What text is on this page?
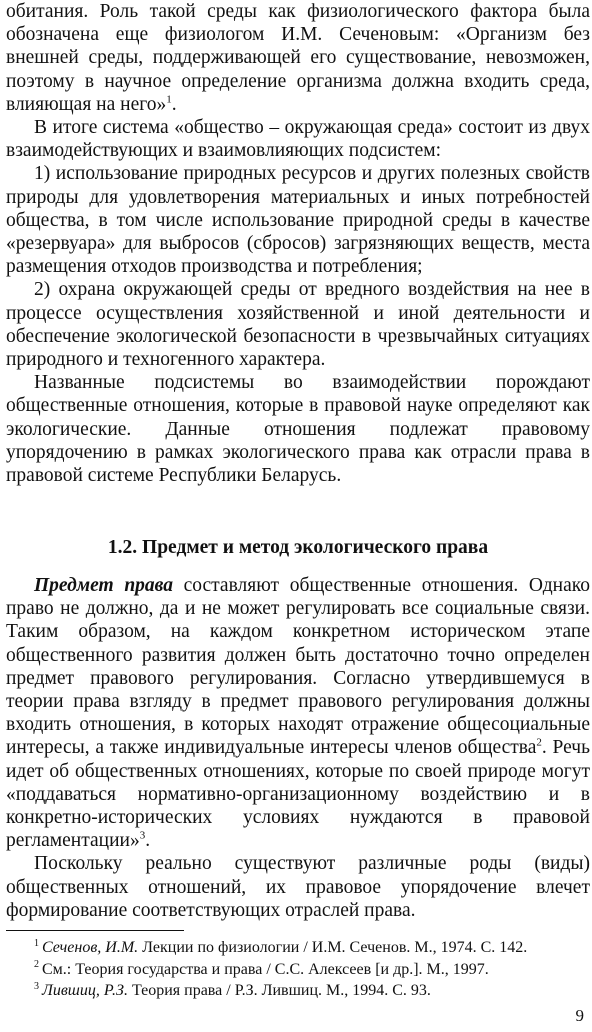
обитания. Роль такой среды как физиологического фактора была обозначена еще физиологом И.М. Сеченовым: «Организм без внешней среды, поддерживающей его существование, невозможен, поэтому в научное определение организма должна входить среда, влияющая на него»$^1$.

В итоге система «общество – окружающая среда» состоит из двух взаимодействующих и взаимовлияющих подсистем:

1) использование природных ресурсов и других полезных свойств природы для удовлетворения материальных и иных потребностей общества, в том числе использование природной среды в качестве «резервуара» для выбросов (сбросов) загрязняющих веществ, места размещения отходов производства и потребления;

2) охрана окружающей среды от вредного воздействия на нее в процессе осуществления хозяйственной и иной деятельности и обеспечение экологической безопасности в чрезвычайных ситуациях природного и техногенного характера.

Названные подсистемы во взаимодействии порождают общественные отношения, которые в правовой науке определяют как экологические. Данные отношения подлежат правовому упорядочению в рамках экологического права как отрасли права в правовой системе Республики Беларусь.

1.2. Предмет и метод экологического права

Предмет права составляют общественные отношения. Однако право не должно, да и не может регулировать все социальные связи. Таким образом, на каждом конкретном историческом этапе общественного развития должен быть достаточно точно определен предмет правового регулирования. Согласно утвердившемуся в теории права взгляду в предмет правового регулирования должны входить отношения, в которых находят отражение общесоциальные интересы, а также индивидуальные интересы членов общества$^2$. Речь идет об общественных отношениях, которые по своей природе могут «поддаваться нормативно-организационному воздействию и в конкретно-исторических условиях нуждаются в правовой регламентации»$^3$.

Поскольку реально существуют различные роды (виды) общественных отношений, их правовое упорядочение влечет формирование соответствующих отраслей права.

$^1$ Сеченов, И.М. Лекции по физиологии / И.М. Сеченов. М., 1974. С. 142.

$^2$ См.: Теория государства и права / С.С. Алексеев [и др.]. М., 1997.

$^3$ Лившиц, Р.З. Теория права / Р.З. Лившиц. М., 1994. С. 93.

9
